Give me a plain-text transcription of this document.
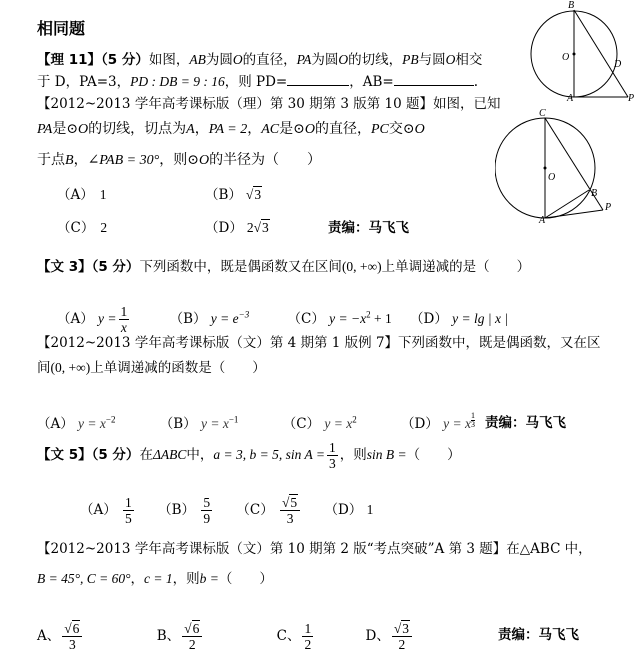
相同题
【理 11】（5 分）如图，AB为圆O的直径，PA为圆O的切线，PB与圆O相交
于 D，PA=3，PD : DB = 9 : 16，则 PD=	，AB=	.
【2012~2013 学年高考课标版（理）第 30 期第 3 版第 10 题】如图，已知
PA是⊙O的切线，切点为A，PA = 2，AC是⊙O的直径，PC交⊙O
于点B，∠PAB = 30°，则⊙O的半径为（　　）
（A） 1	（B） √3
（C） 2	（D） 2√3	责编：马飞飞
B
O
D
A	P
C
O
B
A
P
【文 3】（5 分）下列函数中，既是偶函数又在区间(0, +∞)上单调递减的是（　　）
（A） $y = \frac{1}{x}$	（B） $y = e^{-3}$	（C） $y = -x^2 + 1$ （D） y = lg | x |
【2012~2013 学年高考课标版（文）第 4 期第 1 版例 7】下列函数中，既是偶函数，又在区
间(0, +∞)上单调递减的函数是（　　）
（A） $y = x^{-2}$	（B） $y = x^{-1}$	（C） $y = x^2$	（D） y = x $^{\frac{1}{3}}$ 责编：马飞飞
【文 5】（5 分）在ΔABC中，a = 3, b = 5, $\sin A = \frac{1}{3}$ ，则sin B =（　　）
$(A) \frac{1}{5} (B) \frac{5}{9} (C) \frac{√5}{3} (D)$ 1
【2012~2013 学年高考课标版（文）第 10 期第 2 版“考点突破”A 第 3 题】在△ABC 中，
B = 45°, C = 60°，c = 1，则b =（　　）
A、 $\frac{√6}{3}$	B、 $\frac{√6}{2}$	C、 $\frac{1}{2}$	D、 $\frac{√3}{2}$	责编：马飞飞
